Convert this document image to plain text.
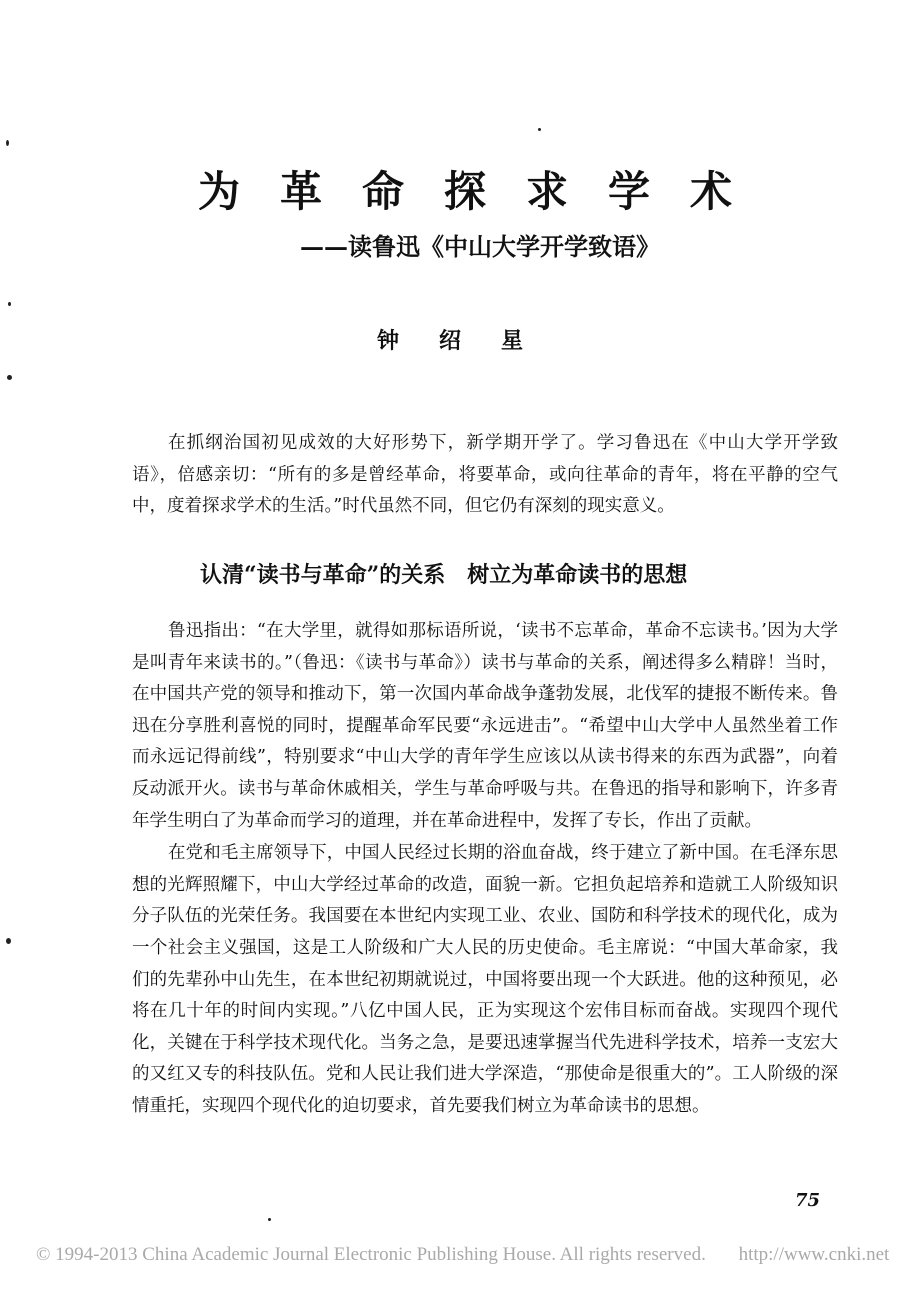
为革命探求学术
——读鲁迅《中山大学开学致语》
钟绍星

在抓纲治国初见成效的大好形势下，新学期开学了。学习鲁迅在《中山大学开学致语》，倍感亲切：“所有的多是曾经革命，将要革命，或向往革命的青年，将在平静的空气中，度着探求学术的生活。”时代虽然不同，但它仍有深刻的现实意义。

认清“读书与革命”的关系　树立为革命读书的思想

鲁迅指出：“在大学里，就得如那标语所说，‘读书不忘革命，革命不忘读书。’因为大学是叫青年来读书的。”（鲁迅：《读书与革命》）读书与革命的关系，阐述得多么精辟！当时，在中国共产党的领导和推动下，第一次国内革命战争蓬勃发展，北伐军的捷报不断传来。鲁迅在分享胜利喜悦的同时，提醒革命军民要“永远进击”。“希望中山大学中人虽然坐着工作而永远记得前线”，特别要求“中山大学的青年学生应该以从读书得来的东西为武器”，向着反动派开火。读书与革命休戚相关，学生与革命呼吸与共。在鲁迅的指导和影响下，许多青年学生明白了为革命而学习的道理，并在革命进程中，发挥了专长，作出了贡献。

在党和毛主席领导下，中国人民经过长期的浴血奋战，终于建立了新中国。在毛泽东思想的光辉照耀下，中山大学经过革命的改造，面貌一新。它担负起培养和造就工人阶级知识分子队伍的光荣任务。我国要在本世纪内实现工业、农业、国防和科学技术的现代化，成为一个社会主义强国，这是工人阶级和广大人民的历史使命。毛主席说：“中国大革命家，我们的先辈孙中山先生，在本世纪初期就说过，中国将要出现一个大跃进。他的这种预见，必将在几十年的时间内实现。”八亿中国人民，正为实现这个宏伟目标而奋战。实现四个现代化，关键在于科学技术现代化。当务之急，是要迅速掌握当代先进科学技术，培养一支宏大的又红又专的科技队伍。党和人民让我们进大学深造，“那使命是很重大的”。工人阶级的深情重托，实现四个现代化的迫切要求，首先要我们树立为革命读书的思想。

75
© 1994-2013 China Academic Journal Electronic Publishing House. All rights reserved. http://www.cnki.net
